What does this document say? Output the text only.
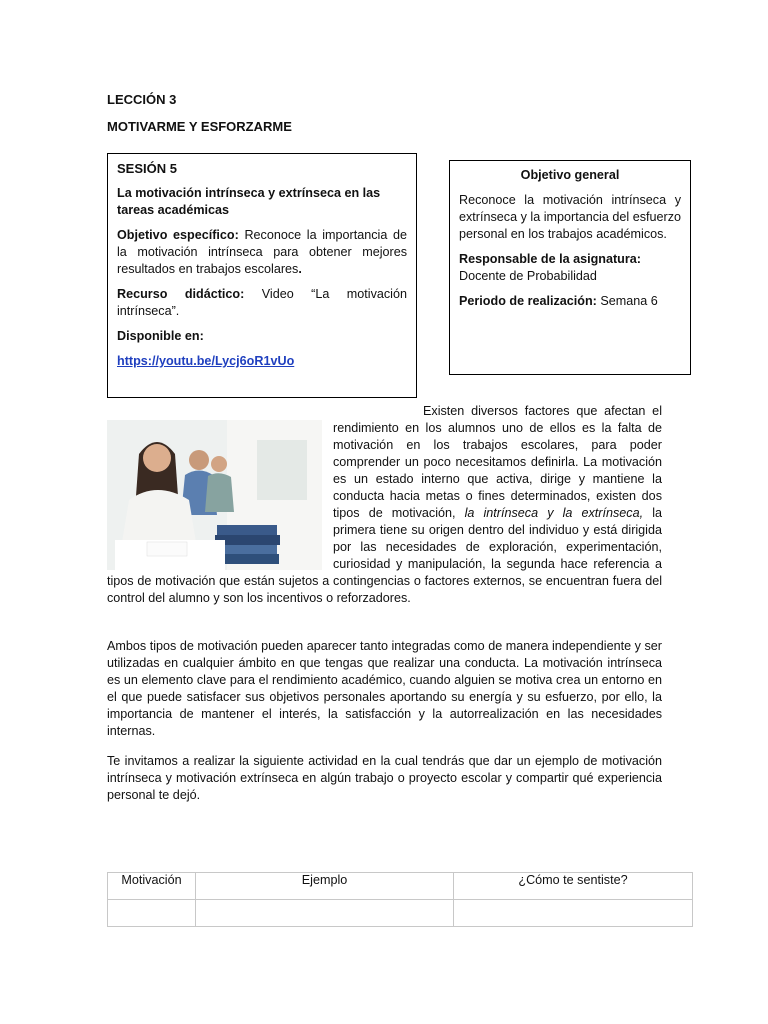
LECCIÓN 3
MOTIVARME Y ESFORZARME

SESIÓN 5

La motivación intrínseca y extrínseca en las tareas académicas

Objetivo específico: Reconoce la importancia de la motivación intrínseca para obtener mejores resultados en trabajos escolares.

Recurso didáctico: Video “La motivación intrínseca”.

Disponible en:

https://youtu.be/Lycj6oR1vUo

Objetivo general

Reconoce la motivación intrínseca y extrínseca y la importancia del esfuerzo personal en los trabajos académicos.

Responsable de la asignatura:
Docente de Probabilidad

Periodo de realización: Semana 6

Existen diversos factores que afectan el rendimiento en los alumnos uno de ellos es la falta de motivación en los trabajos escolares, para poder comprender un poco necesitamos definirla. La motivación es un estado interno que activa, dirige y mantiene la conducta hacia metas o fines determinados, existen dos tipos de motivación, la intrínseca y la extrínseca, la primera tiene su origen dentro del individuo y está dirigida por las necesidades de exploración, experimentación, curiosidad y manipulación, la segunda hace referencia a tipos de motivación que están sujetos a contingencias o factores externos, se encuentran fuera del control del alumno y son los incentivos o reforzadores.

Ambos tipos de motivación pueden aparecer tanto integradas como de manera independiente y ser utilizadas en cualquier ámbito en que tengas que realizar una conducta. La motivación intrínseca es un elemento clave para el rendimiento académico, cuando alguien se motiva crea un entorno en el que puede satisfacer sus objetivos personales aportando su energía y su esfuerzo, por ello, la importancia de mantener el interés, la satisfacción y la autorrealización en las necesidades internas.

Te invitamos a realizar la siguiente actividad en la cual tendrás que dar un ejemplo de motivación intrínseca y motivación extrínseca en algún trabajo o proyecto escolar y compartir qué experiencia personal te dejó.

Motivación	Ejemplo	¿Cómo te sentiste?
